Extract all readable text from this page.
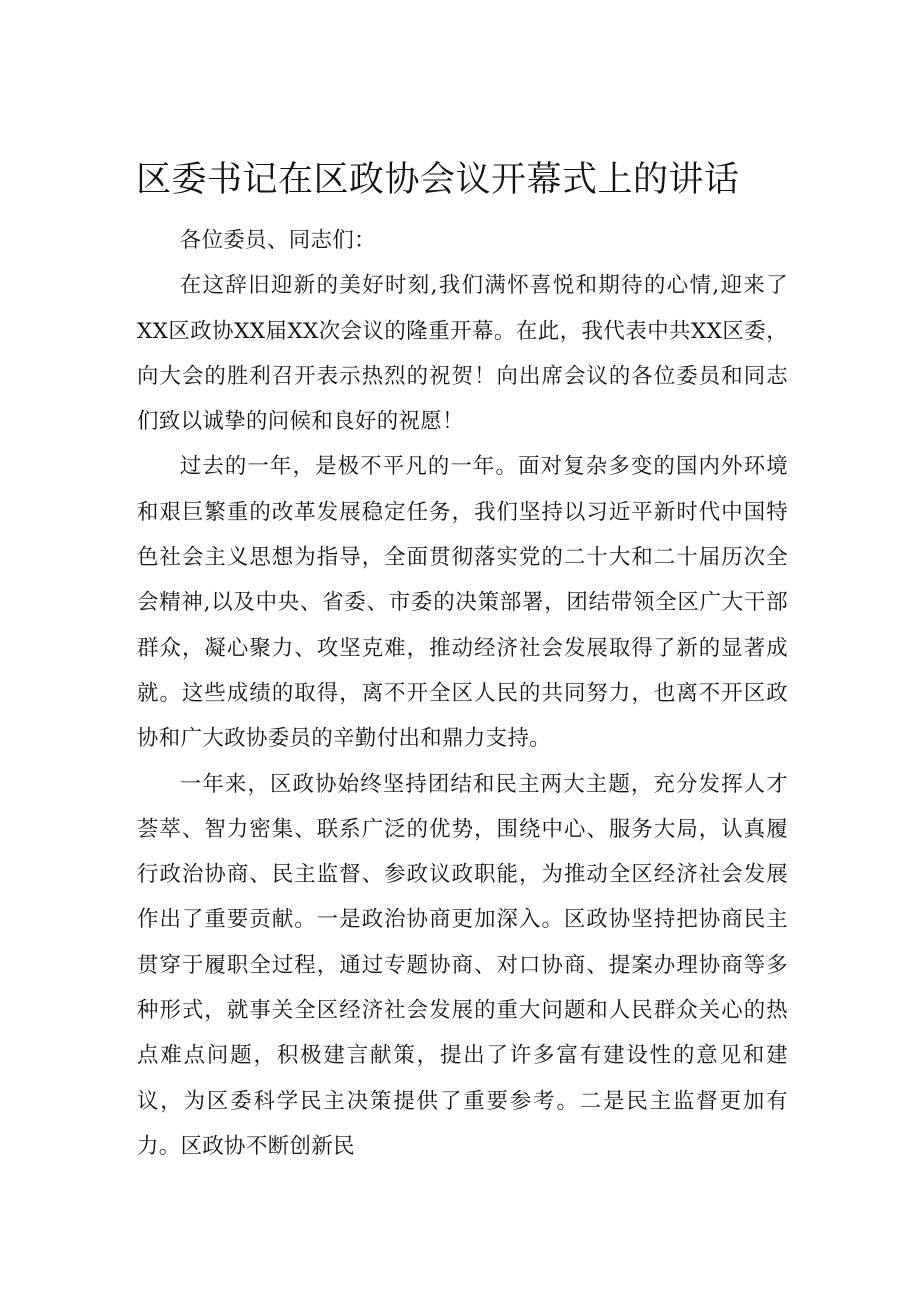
区委书记在区政协会议开幕式上的讲话

各位委员、同志们：

在这辞旧迎新的美好时刻,我们满怀喜悦和期待的心情,迎来了XX区政协XX届XX次会议的隆重开幕。在此，我代表中共XX区委，向大会的胜利召开表示热烈的祝贺！向出席会议的各位委员和同志们致以诚挚的问候和良好的祝愿！

过去的一年，是极不平凡的一年。面对复杂多变的国内外环境和艰巨繁重的改革发展稳定任务，我们坚持以习近平新时代中国特色社会主义思想为指导，全面贯彻落实党的二十大和二十届历次全会精神,以及中央、省委、市委的决策部署，团结带领全区广大干部群众，凝心聚力、攻坚克难，推动经济社会发展取得了新的显著成就。这些成绩的取得，离不开全区人民的共同努力，也离不开区政协和广大政协委员的辛勤付出和鼎力支持。

一年来，区政协始终坚持团结和民主两大主题，充分发挥人才荟萃、智力密集、联系广泛的优势，围绕中心、服务大局，认真履行政治协商、民主监督、参政议政职能，为推动全区经济社会发展作出了重要贡献。一是政治协商更加深入。区政协坚持把协商民主贯穿于履职全过程，通过专题协商、对口协商、提案办理协商等多种形式，就事关全区经济社会发展的重大问题和人民群众关心的热点难点问题，积极建言献策，提出了许多富有建设性的意见和建议，为区委科学民主决策提供了重要参考。二是民主监督更加有力。区政协不断创新民
